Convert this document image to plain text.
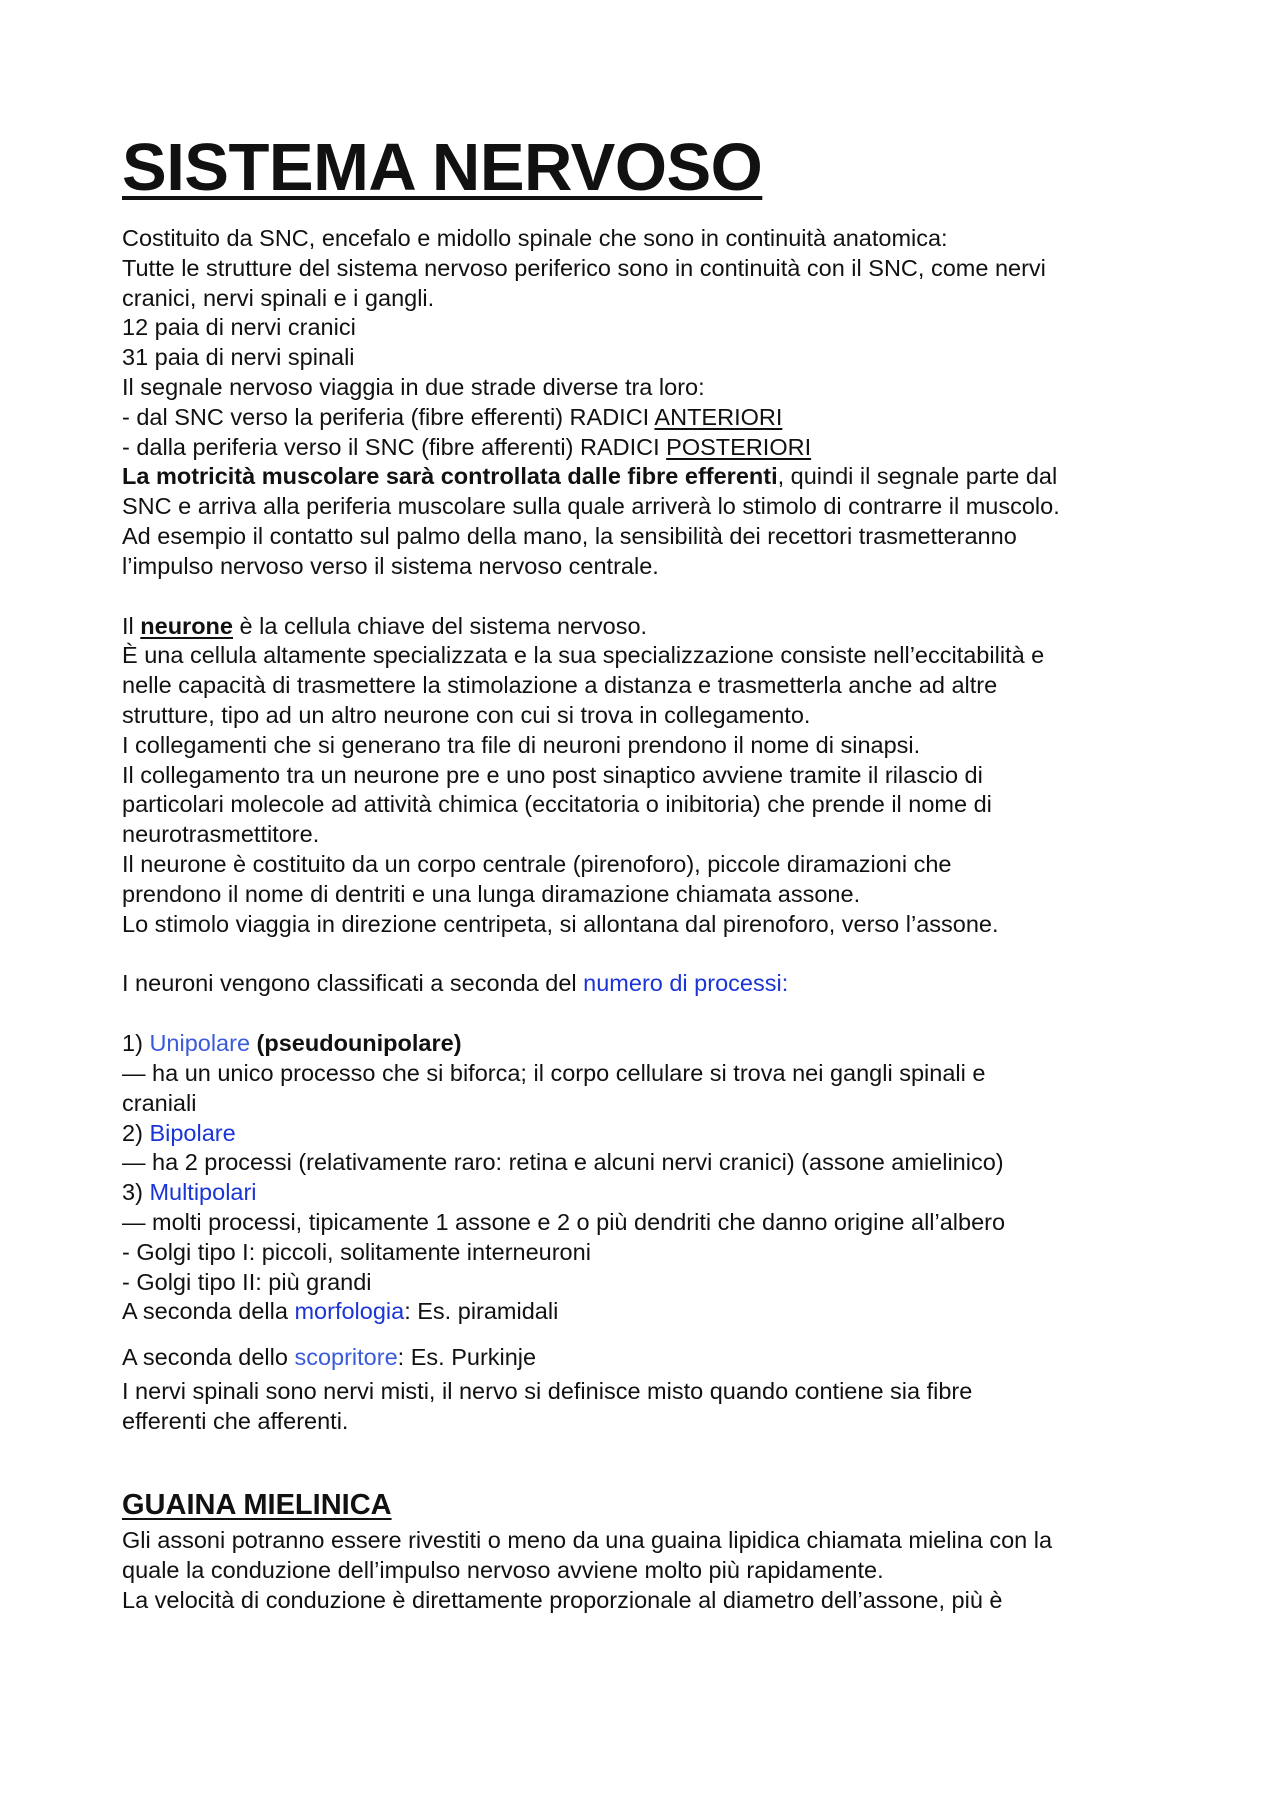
SISTEMA NERVOSO
Costituito da SNC, encefalo e midollo spinale che sono in continuità anatomica:
Tutte le strutture del sistema nervoso periferico sono in continuità con il SNC, come nervi
cranici, nervi spinali e i gangli.
12 paia di nervi cranici
31 paia di nervi spinali
Il segnale nervoso viaggia in due strade diverse tra loro:
- dal SNC verso la periferia (fibre efferenti) RADICI ANTERIORI
- dalla periferia verso il SNC (fibre afferenti) RADICI POSTERIORI
La motricità muscolare sarà controllata dalle fibre efferenti, quindi il segnale parte dal
SNC e arriva alla periferia muscolare sulla quale arriverà lo stimolo di contrarre il muscolo.
Ad esempio il contatto sul palmo della mano, la sensibilità dei recettori trasmetteranno
l’impulso nervoso verso il sistema nervoso centrale.
Il neurone è la cellula chiave del sistema nervoso.
È una cellula altamente specializzata e la sua specializzazione consiste nell’eccitabilità e
nelle capacità di trasmettere la stimolazione a distanza e trasmetterla anche ad altre
strutture, tipo ad un altro neurone con cui si trova in collegamento.
I collegamenti che si generano tra file di neuroni prendono il nome di sinapsi.
Il collegamento tra un neurone pre e uno post sinaptico avviene tramite il rilascio di
particolari molecole ad attività chimica (eccitatoria o inibitoria) che prende il nome di
neurotrasmettitore.
Il neurone è costituito da un corpo centrale (pirenoforo), piccole diramazioni che
prendono il nome di dentriti e una lunga diramazione chiamata assone.
Lo stimolo viaggia in direzione centripeta, si allontana dal pirenoforo, verso l’assone.
I neuroni vengono classificati a seconda del numero di processi:
1) Unipolare (pseudounipolare)
— ha un unico processo che si biforca; il corpo cellulare si trova nei gangli spinali e
craniali
2) Bipolare
— ha 2 processi (relativamente raro: retina e alcuni nervi cranici) (assone amielinico)
3) Multipolari
— molti processi, tipicamente 1 assone e 2 o più dendriti che danno origine all’albero
- Golgi tipo I: piccoli, solitamente interneuroni
- Golgi tipo II: più grandi
A seconda della morfologia: Es. piramidali
A seconda dello scopritore: Es. Purkinje
I nervi spinali sono nervi misti, il nervo si definisce misto quando contiene sia fibre
efferenti che afferenti.
GUAINA MIELINICA
Gli assoni potranno essere rivestiti o meno da una guaina lipidica chiamata mielina con la
quale la conduzione dell’impulso nervoso avviene molto più rapidamente.
La velocità di conduzione è direttamente proporzionale al diametro dell’assone, più è
